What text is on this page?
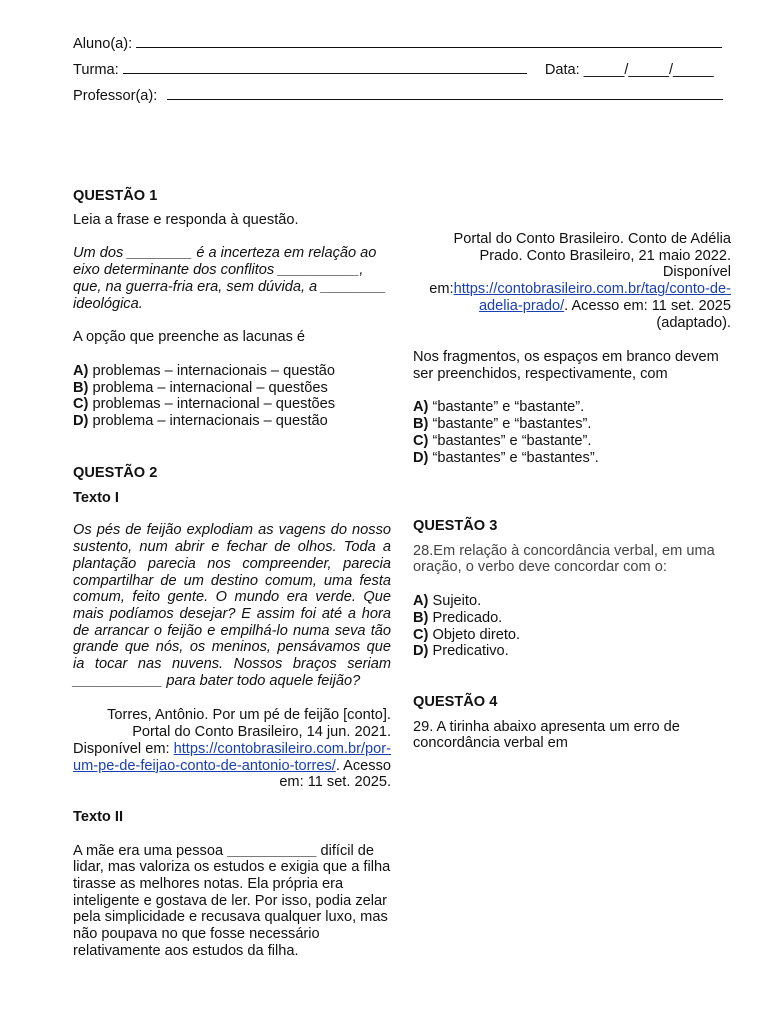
Aluno(a):
Turma:	Data: _____/_____/_____
Professor(a):

QUESTÃO 1

Leia a frase e responda à questão.

Um dos ________ é a incerteza em relação ao eixo determinante dos conflitos __________, que, na guerra-fria era, sem dúvida, a ________ ideológica.

A opção que preenche as lacunas é

A) problemas – internacionais – questão
B) problema – internacional – questões
C) problemas – internacional – questões
D) problema – internacionais – questão

QUESTÃO 2

Texto I

Os pés de feijão explodiam as vagens do nosso sustento, num abrir e fechar de olhos. Toda a plantação parecia nos compreender, parecia compartilhar de um destino comum, uma festa comum, feito gente. O mundo era verde. Que mais podíamos desejar? E assim foi até a hora de arrancar o feijão e empilhá-lo numa seva tão grande que nós, os meninos, pensávamos que ia tocar nas nuvens. Nossos braços seriam ___________ para bater todo aquele feijão?

Torres, Antônio. Por um pé de feijão [conto]. Portal do Conto Brasileiro, 14 jun. 2021. Disponível em: https://contobrasileiro.com.br/por-um-pe-de-feijao-conto-de-antonio-torres/. Acesso em: 11 set. 2025.

Texto II

A mãe era uma pessoa ___________ difícil de lidar, mas valoriza os estudos e exigia que a filha tirasse as melhores notas. Ela própria era inteligente e gostava de ler. Por isso, podia zelar pela simplicidade e recusava qualquer luxo, mas não poupava no que fosse necessário relativamente aos estudos da filha.

Portal do Conto Brasileiro. Conto de Adélia Prado. Conto Brasileiro, 21 maio 2022. Disponível em:https://contobrasileiro.com.br/tag/conto-de-adelia-prado/. Acesso em: 11 set. 2025 (adaptado).

Nos fragmentos, os espaços em branco devem ser preenchidos, respectivamente, com

A) “bastante” e “bastante”.
B) “bastante” e “bastantes”.
C) “bastantes” e “bastante”.
D) “bastantes” e “bastantes”.

QUESTÃO 3

28.Em relação à concordância verbal, em uma oração, o verbo deve concordar com o:

A) Sujeito.
B) Predicado.
C) Objeto direto.
D) Predicativo.

QUESTÃO 4

29. A tirinha abaixo apresenta um erro de concordância verbal em
